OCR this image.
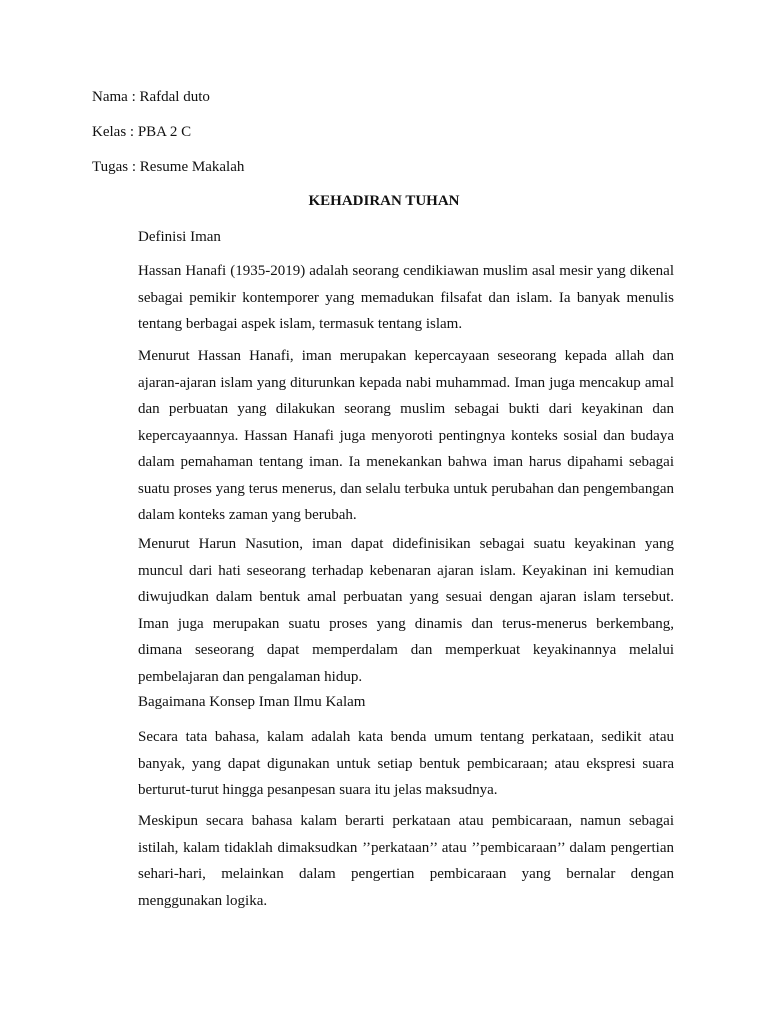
Nama : Rafdal duto
Kelas : PBA 2 C
Tugas : Resume Makalah
KEHADIRAN TUHAN
Definisi Iman

Hassan Hanafi (1935-2019) adalah seorang cendikiawan muslim asal mesir yang dikenal sebagai pemikir kontemporer yang memadukan filsafat dan islam. Ia banyak menulis tentang berbagai aspek islam, termasuk tentang islam.

Menurut Hassan Hanafi, iman merupakan kepercayaan seseorang kepada allah dan ajaran-ajaran islam yang diturunkan kepada nabi muhammad. Iman juga mencakup amal dan perbuatan yang dilakukan seorang muslim sebagai bukti dari keyakinan dan kepercayaannya. Hassan Hanafi juga menyoroti pentingnya konteks sosial dan budaya dalam pemahaman tentang iman. Ia menekankan bahwa iman harus dipahami sebagai suatu proses yang terus menerus, dan selalu terbuka untuk perubahan dan pengembangan dalam konteks zaman yang berubah.

Menurut Harun Nasution, iman dapat didefinisikan sebagai suatu keyakinan yang muncul dari hati seseorang terhadap kebenaran ajaran islam. Keyakinan ini kemudian diwujudkan dalam bentuk amal perbuatan yang sesuai dengan ajaran islam tersebut. Iman juga merupakan suatu proses yang dinamis dan terus-menerus berkembang, dimana seseorang dapat memperdalam dan memperkuat keyakinannya melalui pembelajaran dan pengalaman hidup.

Bagaimana Konsep Iman Ilmu Kalam

Secara tata bahasa, kalam adalah kata benda umum tentang perkataan, sedikit atau banyak, yang dapat digunakan untuk setiap bentuk pembicaraan; atau ekspresi suara berturut-turut hingga pesanpesan suara itu jelas maksudnya.

Meskipun secara bahasa kalam berarti perkataan atau pembicaraan, namun sebagai istilah, kalam tidaklah dimaksudkan ’’perkataan’’ atau ’’pembicaraan’’ dalam pengertian sehari-hari, melainkan dalam pengertian pembicaraan yang bernalar dengan menggunakan logika.
